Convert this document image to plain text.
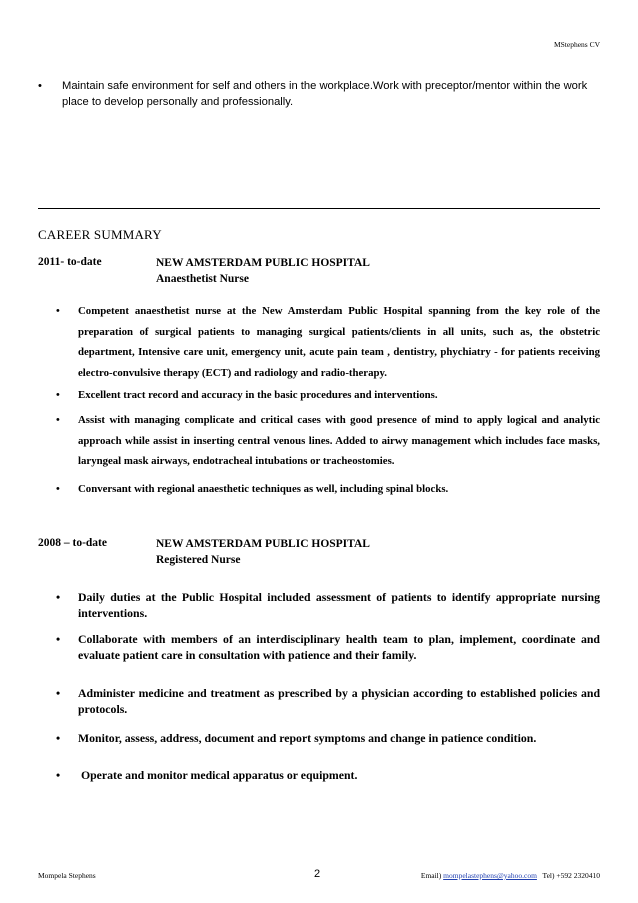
MStephens CV
•	Maintain safe environment for self and others in the workplace.Work with preceptor/mentor within the work place to develop personally and professionally.
CAREER SUMMARY
2011- to-date	NEW AMSTERDAM PUBLIC HOSPITAL
Anaesthetist Nurse
•	Competent anaesthetist nurse at the New Amsterdam Public Hospital spanning from the key role of the preparation of surgical patients to managing surgical patients/clients in all units, such as, the obstetric department, Intensive care unit, emergency unit, acute pain team , dentistry, phychiatry - for patients receiving electro-convulsive therapy (ECT) and radiology and radio-therapy.
•	Excellent tract record and accuracy in the basic procedures and interventions.
•	Assist with managing complicate and critical cases with good presence of mind to apply logical and analytic approach while assist in inserting central venous lines. Added to airwy management which includes face masks, laryngeal mask airways, endotracheal intubations or tracheostomies.
•	Conversant with regional anaesthetic techniques as well, including spinal blocks.
2008 – to-date	NEW AMSTERDAM PUBLIC HOSPITAL
Registered Nurse
•	Daily duties at the Public Hospital included assessment of patients to identify appropriate nursing interventions.
•	Collaborate with members of an interdisciplinary health team to plan, implement, coordinate and evaluate patient care in consultation with patience and their family.
•	Administer medicine and treatment as prescribed by a physician according to established policies and protocols.
•	Monitor, assess, address, document and report symptoms and change in patience condition.
•	Operate and monitor medical apparatus or equipment.
Mompela Stephens	2	Email) mompelastephens@yahoo.com Tel) +592 2320410
